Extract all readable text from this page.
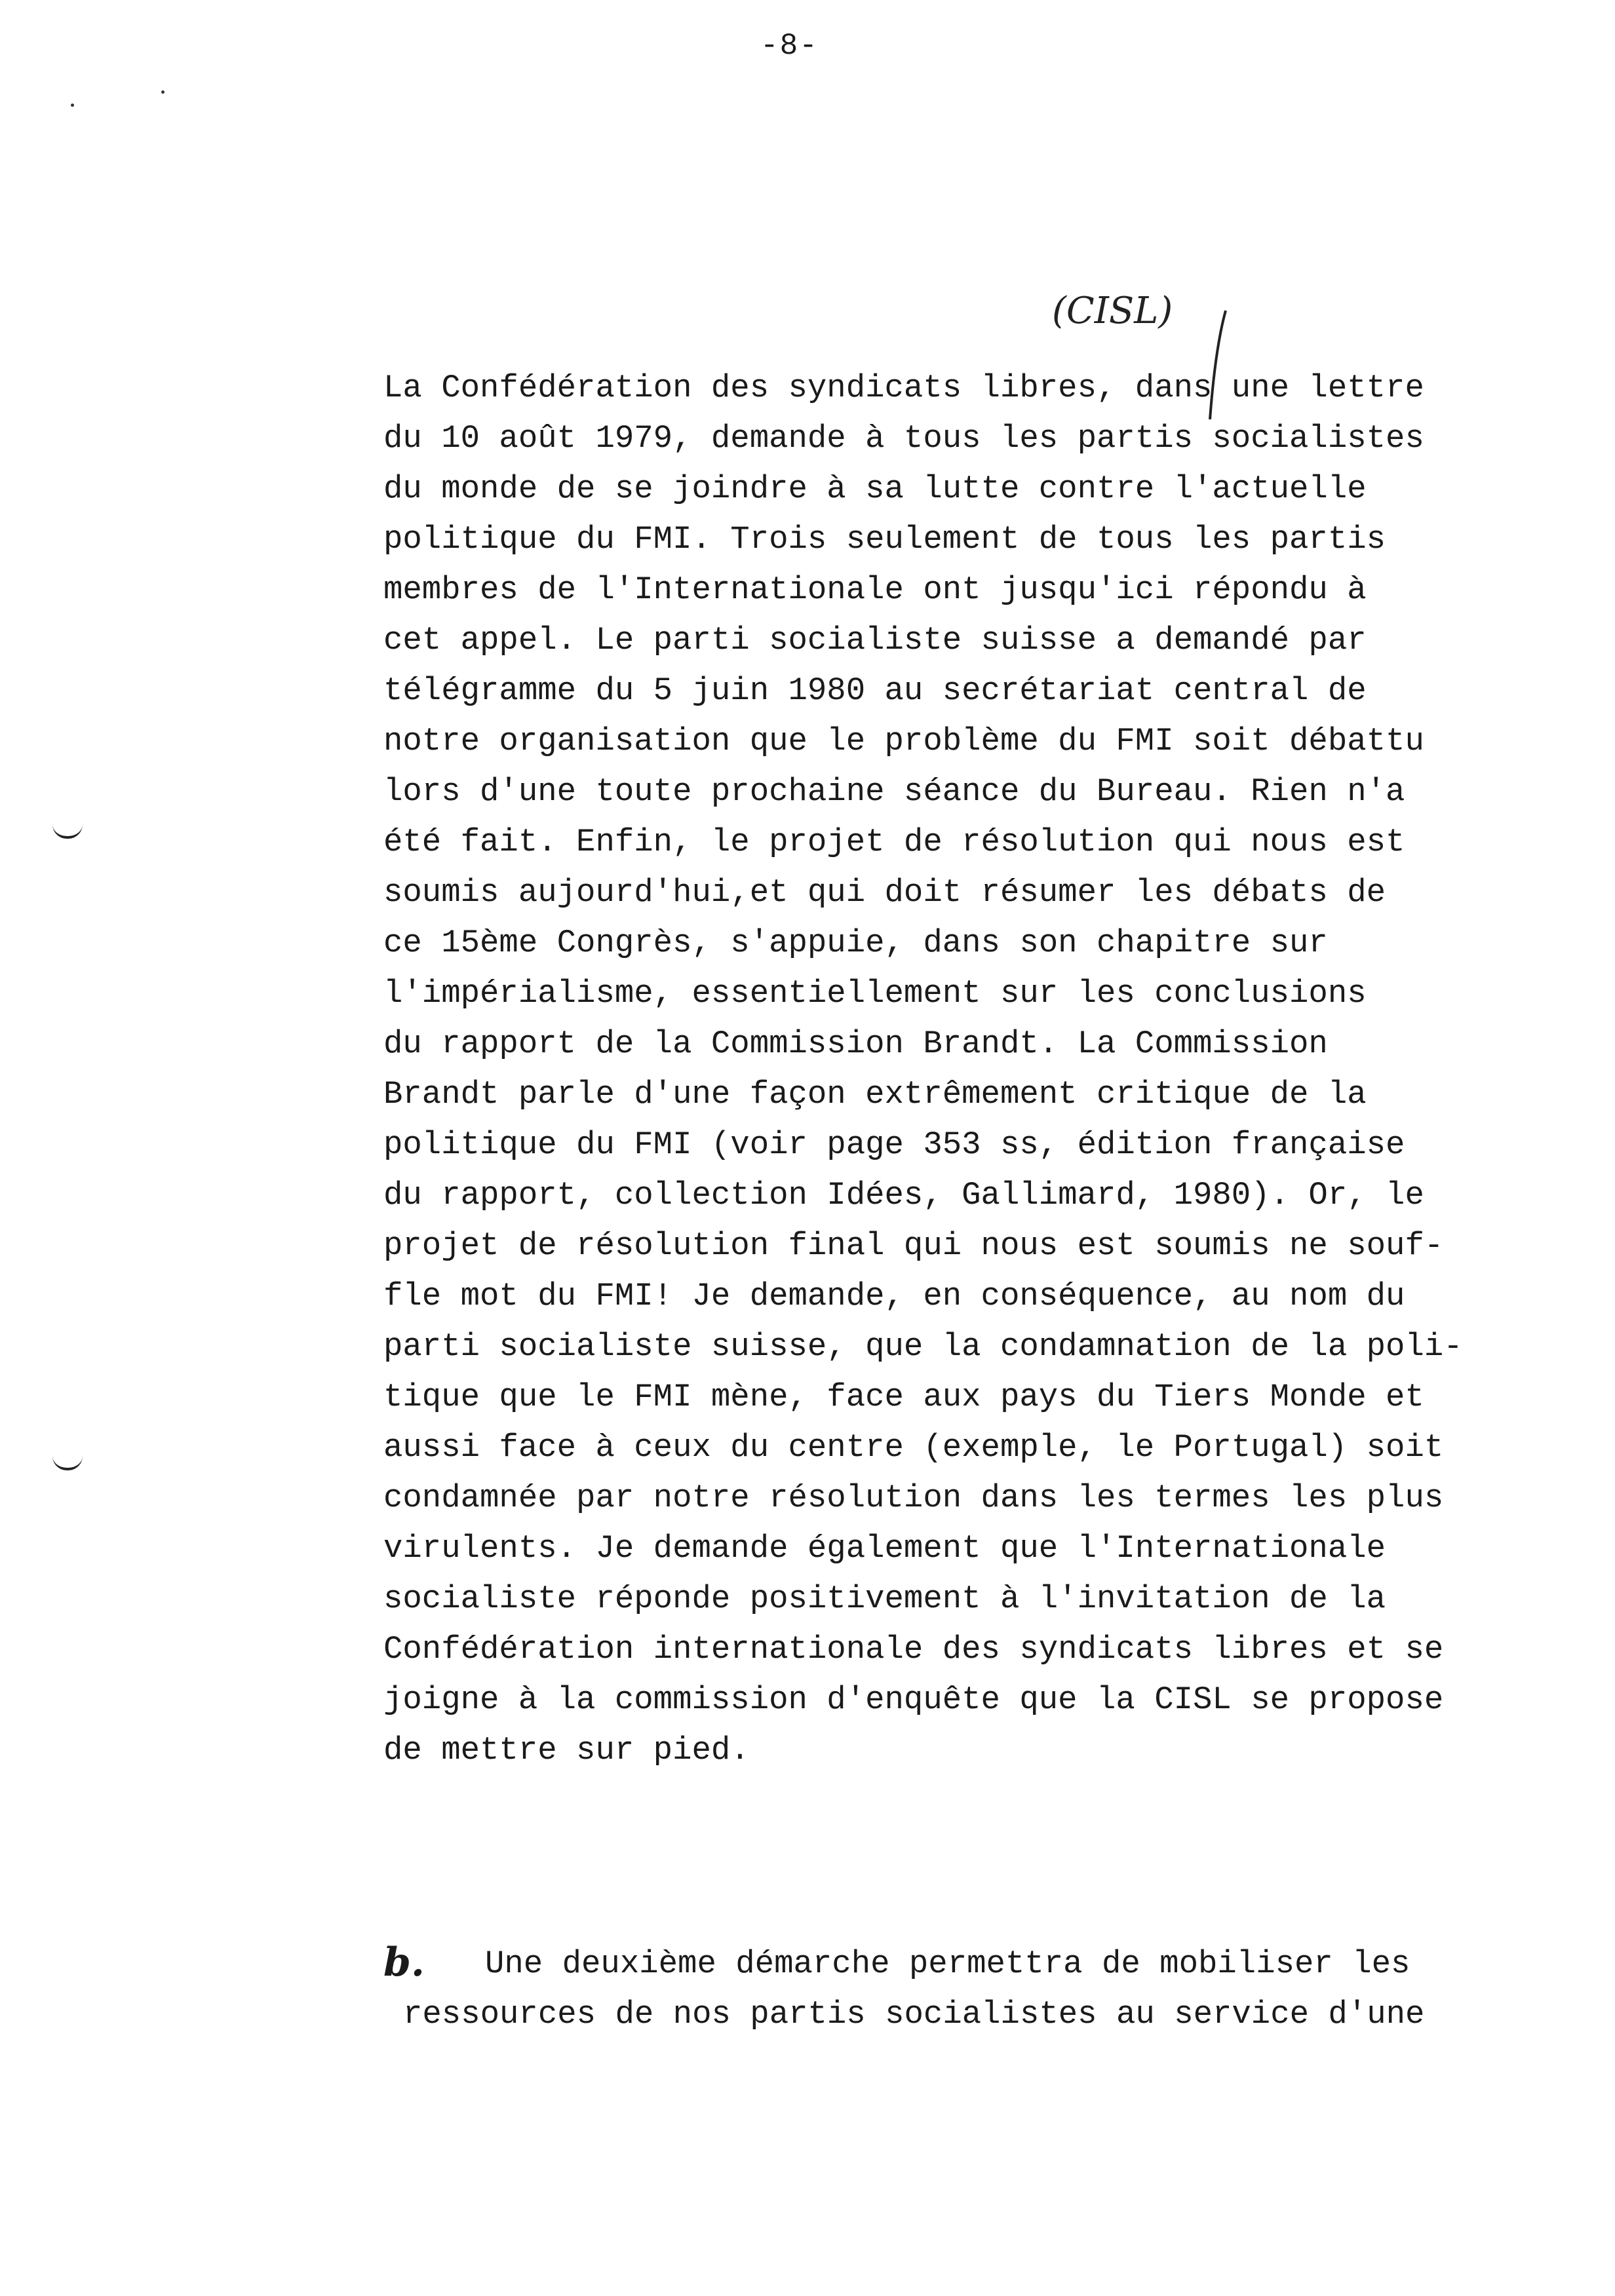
-8-
(CISL)
La Confédération des syndicats libres, dans une lettre
du 10 août 1979, demande à tous les partis socialistes
du monde de se joindre à sa lutte contre l'actuelle
politique du FMI. Trois seulement de tous les partis
membres de l'Internationale ont jusqu'ici répondu à
cet appel. Le parti socialiste suisse a demandé par
télégramme du 5 juin 1980 au secrétariat central de
notre organisation que le problème du FMI soit débattu
lors d'une toute prochaine séance du Bureau. Rien n'a
été fait. Enfin, le projet de résolution qui nous est
soumis aujourd'hui,et qui doit résumer les débats de
ce 15ème Congrès, s'appuie, dans son chapitre sur
l'impérialisme, essentiellement sur les conclusions
du rapport de la Commission Brandt. La Commission
Brandt parle d'une façon extrêmement critique de la
politique du FMI (voir page 353 ss, édition française
du rapport, collection Idées, Gallimard, 1980). Or, le
projet de résolution final qui nous est soumis ne souf-
fle mot du FMI! Je demande, en conséquence, au nom du
parti socialiste suisse, que la condamnation de la poli-
tique que le FMI mène, face aux pays du Tiers Monde et
aussi face à ceux du centre (exemple, le Portugal) soit
condamnée par notre résolution dans les termes les plus
virulents. Je demande également que l'Internationale
socialiste réponde positivement à l'invitation de la
Confédération internationale des syndicats libres et se
joigne à la commission d'enquête que la CISL se propose
de mettre sur pied.
b. Une deuxième démarche permettra de mobiliser les
ressources de nos partis socialistes au service d'une
